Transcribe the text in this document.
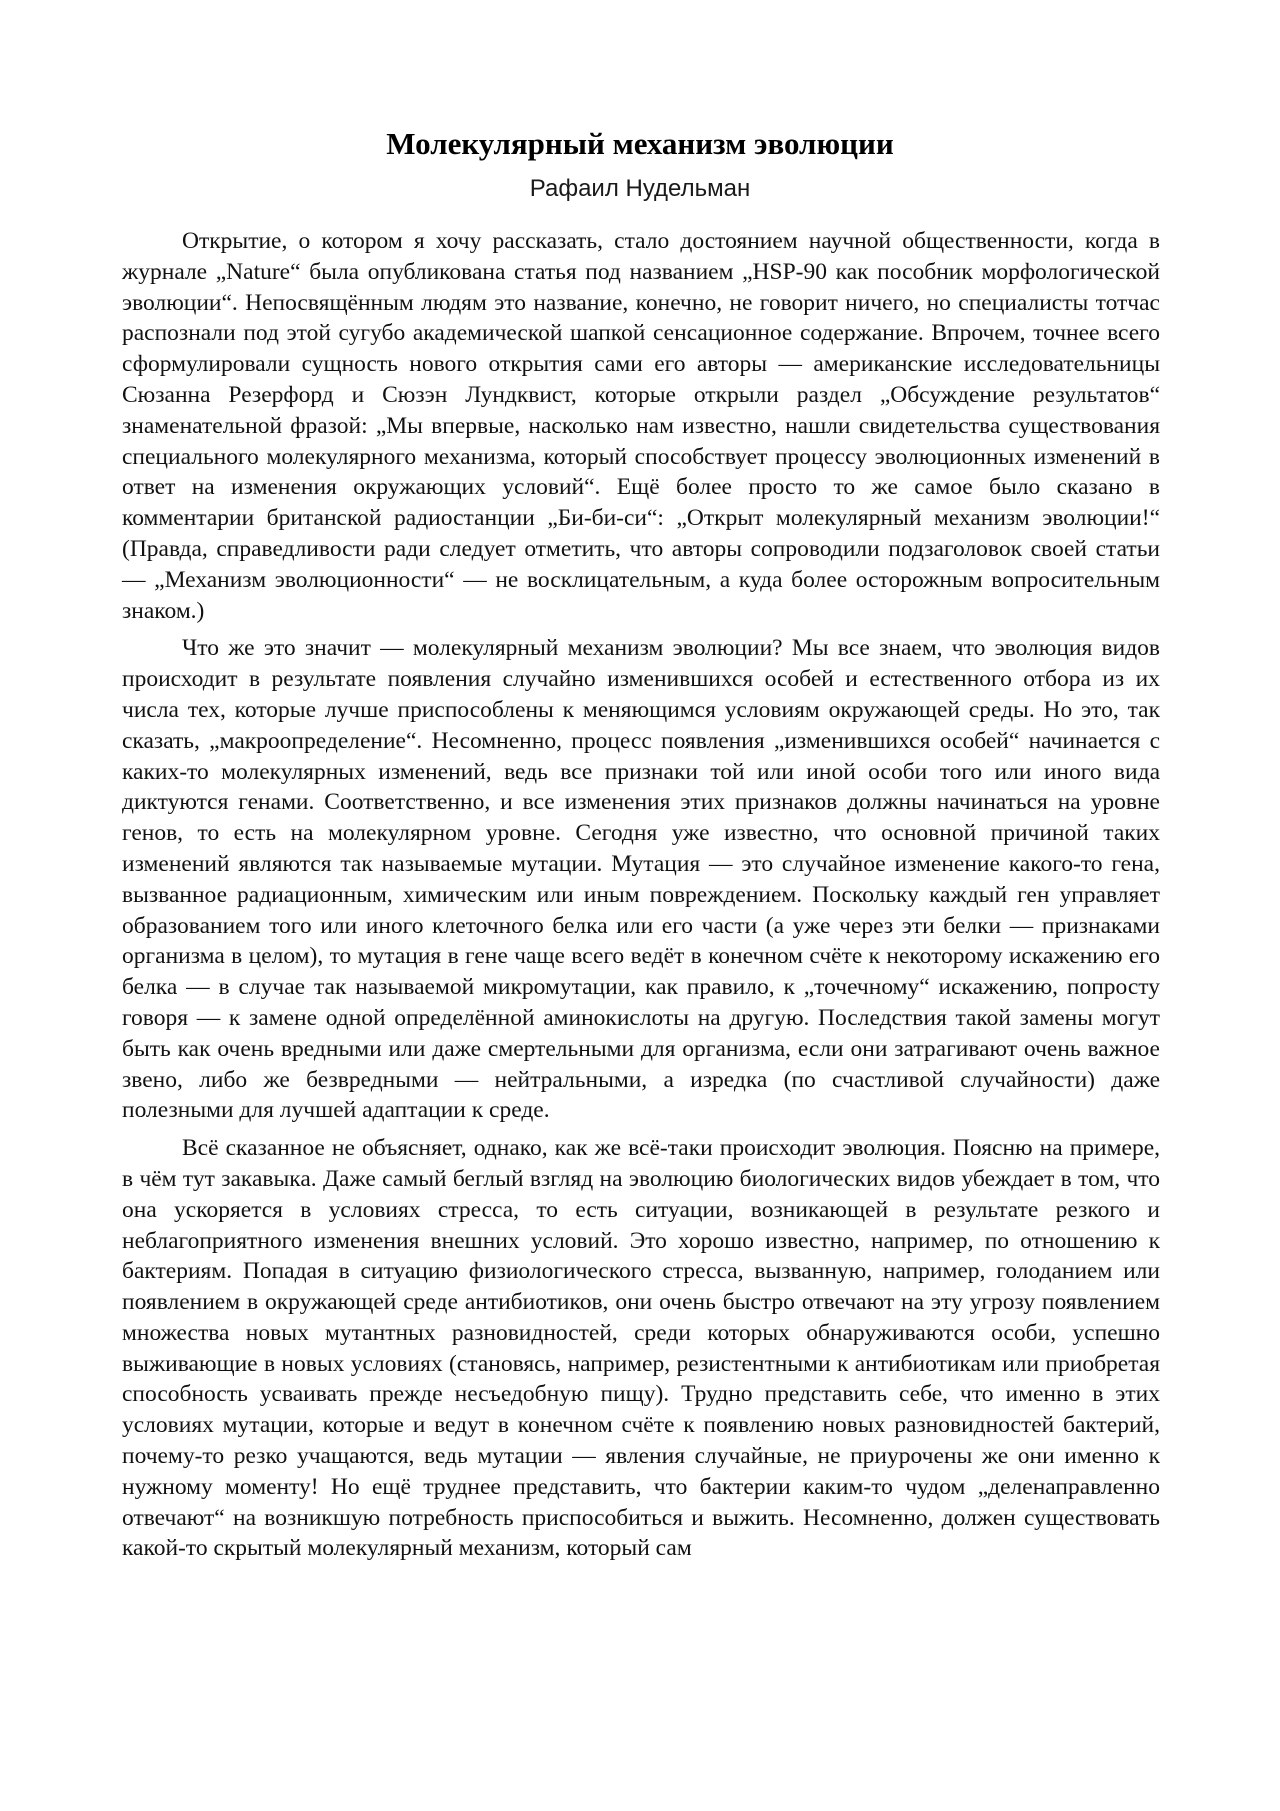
Молекулярный механизм эволюции
Рафаил Нудельман

Открытие, о котором я хочу рассказать, стало достоянием научной общественности, когда в журнале „Nature“ была опубликована статья под названием „HSP-90 как пособник морфологической эволюции“. Непосвящённым людям это название, конечно, не говорит ничего, но специалисты тотчас распознали под этой сугубо академической шапкой сенсационное содержание. Впрочем, точнее всего сформулировали сущность нового открытия сами его авторы — американские исследовательницы Сюзанна Резерфорд и Сюзэн Лундквист, которые открыли раздел „Обсуждение результатов“ знаменательной фразой: „Мы впервые, насколько нам известно, нашли свидетельства существования специального молекулярного механизма, который способствует процессу эволюционных изменений в ответ на изменения окружающих условий“. Ещё более просто то же самое было сказано в комментарии британской радиостанции „Би-би-си“: „Открыт молекулярный механизм эволюции!“ (Правда, справедливости ради следует отметить, что авторы сопроводили подзаголовок своей статьи — „Механизм эволюционности“ — не восклицательным, а куда более осторожным вопросительным знаком.)

Что же это значит — молекулярный механизм эволюции? Мы все знаем, что эволюция видов происходит в результате появления случайно изменившихся особей и естественного отбора из их числа тех, которые лучше приспособлены к меняющимся условиям окружающей среды. Но это, так сказать, „макроопределение“. Несомненно, процесс появления „изменившихся особей“ начинается с каких-то молекулярных изменений, ведь все признаки той или иной особи того или иного вида диктуются генами. Соответственно, и все изменения этих признаков должны начинаться на уровне генов, то есть на молекулярном уровне. Сегодня уже известно, что основной причиной таких изменений являются так называемые мутации. Мутация — это случайное изменение какого-то гена, вызванное радиационным, химическим или иным повреждением. Поскольку каждый ген управляет образованием того или иного клеточного белка или его части (а уже через эти белки — признаками организма в целом), то мутация в гене чаще всего ведёт в конечном счёте к некоторому искажению его белка — в случае так называемой микромутации, как правило, к „точечному“ искажению, попросту говоря — к замене одной определённой аминокислоты на другую. Последствия такой замены могут быть как очень вредными или даже смертельными для организма, если они затрагивают очень важное звено, либо же безвредными — нейтральными, а изредка (по счастливой случайности) даже полезными для лучшей адаптации к среде.

Всё сказанное не объясняет, однако, как же всё-таки происходит эволюция. Поясню на примере, в чём тут закавыка. Даже самый беглый взгляд на эволюцию биологических видов убеждает в том, что она ускоряется в условиях стресса, то есть ситуации, возникающей в результате резкого и неблагоприятного изменения внешних условий. Это хорошо известно, например, по отношению к бактериям. Попадая в ситуацию физиологического стресса, вызванную, например, голоданием или появлением в окружающей среде антибиотиков, они очень быстро отвечают на эту угрозу появлением множества новых мутантных разновидностей, среди которых обнаруживаются особи, успешно выживающие в новых условиях (становясь, например, резистентными к антибиотикам или приобретая способность усваивать прежде несъедобную пищу). Трудно представить себе, что именно в этих условиях мутации, которые и ведут в конечном счёте к появлению новых разновидностей бактерий, почему-то резко учащаются, ведь мутации — явления случайные, не приурочены же они именно к нужному моменту! Но ещё труднее представить, что бактерии каким-то чудом „деленаправленно отвечают“ на возникшую потребность приспособиться и выжить. Несомненно, должен существовать какой-то скрытый молекулярный механизм, который сам
